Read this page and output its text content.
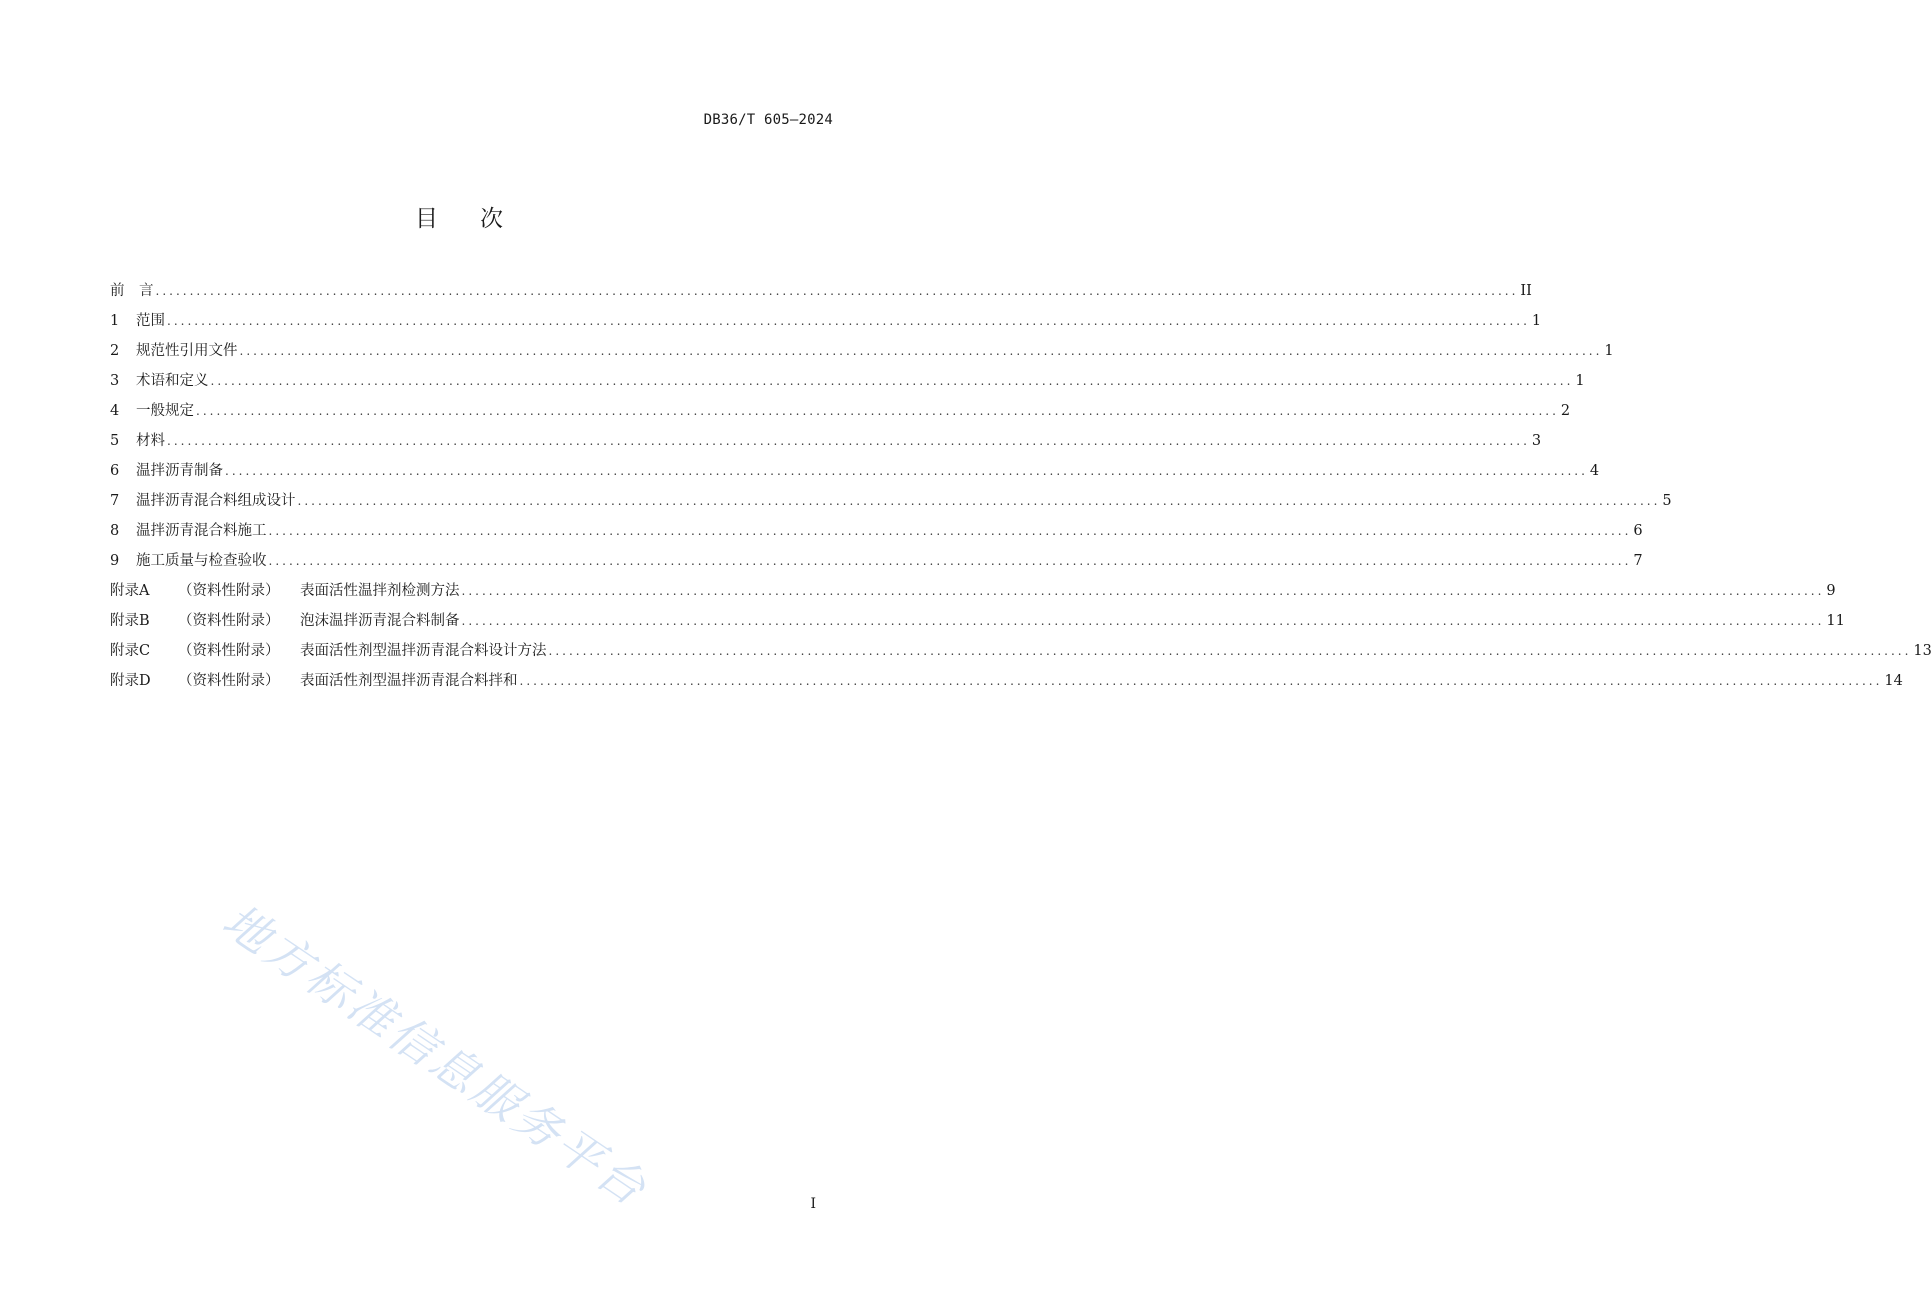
DB36/T 605—2024
目 次
前　言 ........................................................................................................................................................................................................ II
1 范围 ........................................................................................................................................................................................................ 1
2 规范性引用文件 ........................................................................................................................................................................................................ 1
3 术语和定义 ........................................................................................................................................................................................................ 1
4 一般规定 ........................................................................................................................................................................................................ 2
5 材料 ........................................................................................................................................................................................................ 3
6 温拌沥青制备 ........................................................................................................................................................................................................ 4
7 温拌沥青混合料组成设计 ........................................................................................................................................................................................................ 5
8 温拌沥青混合料施工 ........................................................................................................................................................................................................ 6
9 施工质量与检查验收 ........................................................................................................................................................................................................ 7
附录A （资料性附录） 表面活性温拌剂检测方法 ........................................................................................................................................................................................................ 9
附录B （资料性附录） 泡沫温拌沥青混合料制备 ........................................................................................................................................................................................................ 11
附录C （资料性附录） 表面活性剂型温拌沥青混合料设计方法 ........................................................................................................................................................................................................ 13
附录D （资料性附录） 表面活性剂型温拌沥青混合料拌和 ........................................................................................................................................................................................................ 14
地方标准信息服务平台	I
